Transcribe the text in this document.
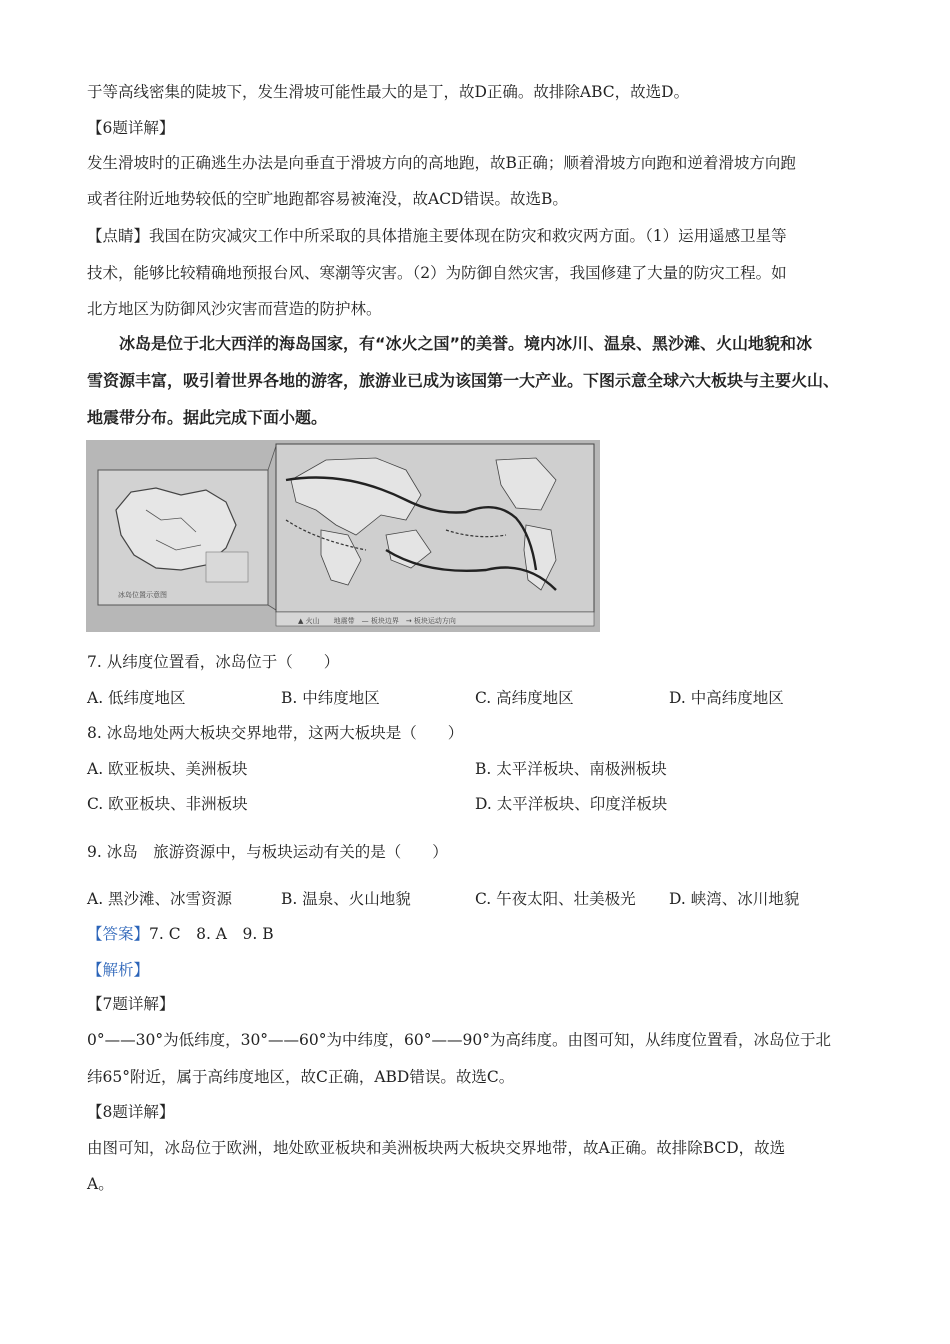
于等高线密集的陡坡下，发生滑坡可能性最大的是丁，故D正确。故排除ABC，故选D。
【6题详解】
发生滑坡时的正确逃生办法是向垂直于滑坡方向的高地跑，故B正确；顺着滑坡方向跑和逆着滑坡方向跑
或者往附近地势较低的空旷地跑都容易被淹没，故ACD错误。故选B。
【点睛】我国在防灾减灾工作中所采取的具体措施主要体现在防灾和救灾两方面。（1）运用遥感卫星等
技术，能够比较精确地预报台风、寒潮等灾害。（2）为防御自然灾害，我国修建了大量的防灾工程。如
北方地区为防御风沙灾害而营造的防护林。
冰岛是位于北大西洋的海岛国家，有“冰火之国”的美誉。境内冰川、温泉、黑沙滩、火山地貌和冰
雪资源丰富，吸引着世界各地的游客，旅游业已成为该国第一大产业。下图示意全球六大板块与主要火山、
地震带分布。据此完成下面小题。
冰岛位置示意图
▲ 火山　　地震带　— 板块边界　→ 板块运动方向
7. 从纬度位置看，冰岛位于（　　）
A. 低纬度地区	B. 中纬度地区	C. 高纬度地区	D. 中高纬度地区
8. 冰岛地处两大板块交界地带，这两大板块是（　　）
A. 欧亚板块、美洲板块	B. 太平洋板块、南极洲板块
C. 欧亚板块、非洲板块	D. 太平洋板块、印度洋板块
9. 冰岛　旅游资源中，与板块运动有关的是（　　）
A. 黑沙滩、冰雪资源	B. 温泉、火山地貌	C. 午夜太阳、壮美极光 D. 峡湾、冰川地貌
【答案】7. C　8. A　9. B
【解析】
【7题详解】
0°——30°为低纬度，30°——60°为中纬度，60°——90°为高纬度。由图可知，从纬度位置看，冰岛位于北
纬65°附近，属于高纬度地区，故C正确，ABD错误。故选C。
【8题详解】
由图可知，冰岛位于欧洲，地处欧亚板块和美洲板块两大板块交界地带，故A正确。故排除BCD，故选
A。
